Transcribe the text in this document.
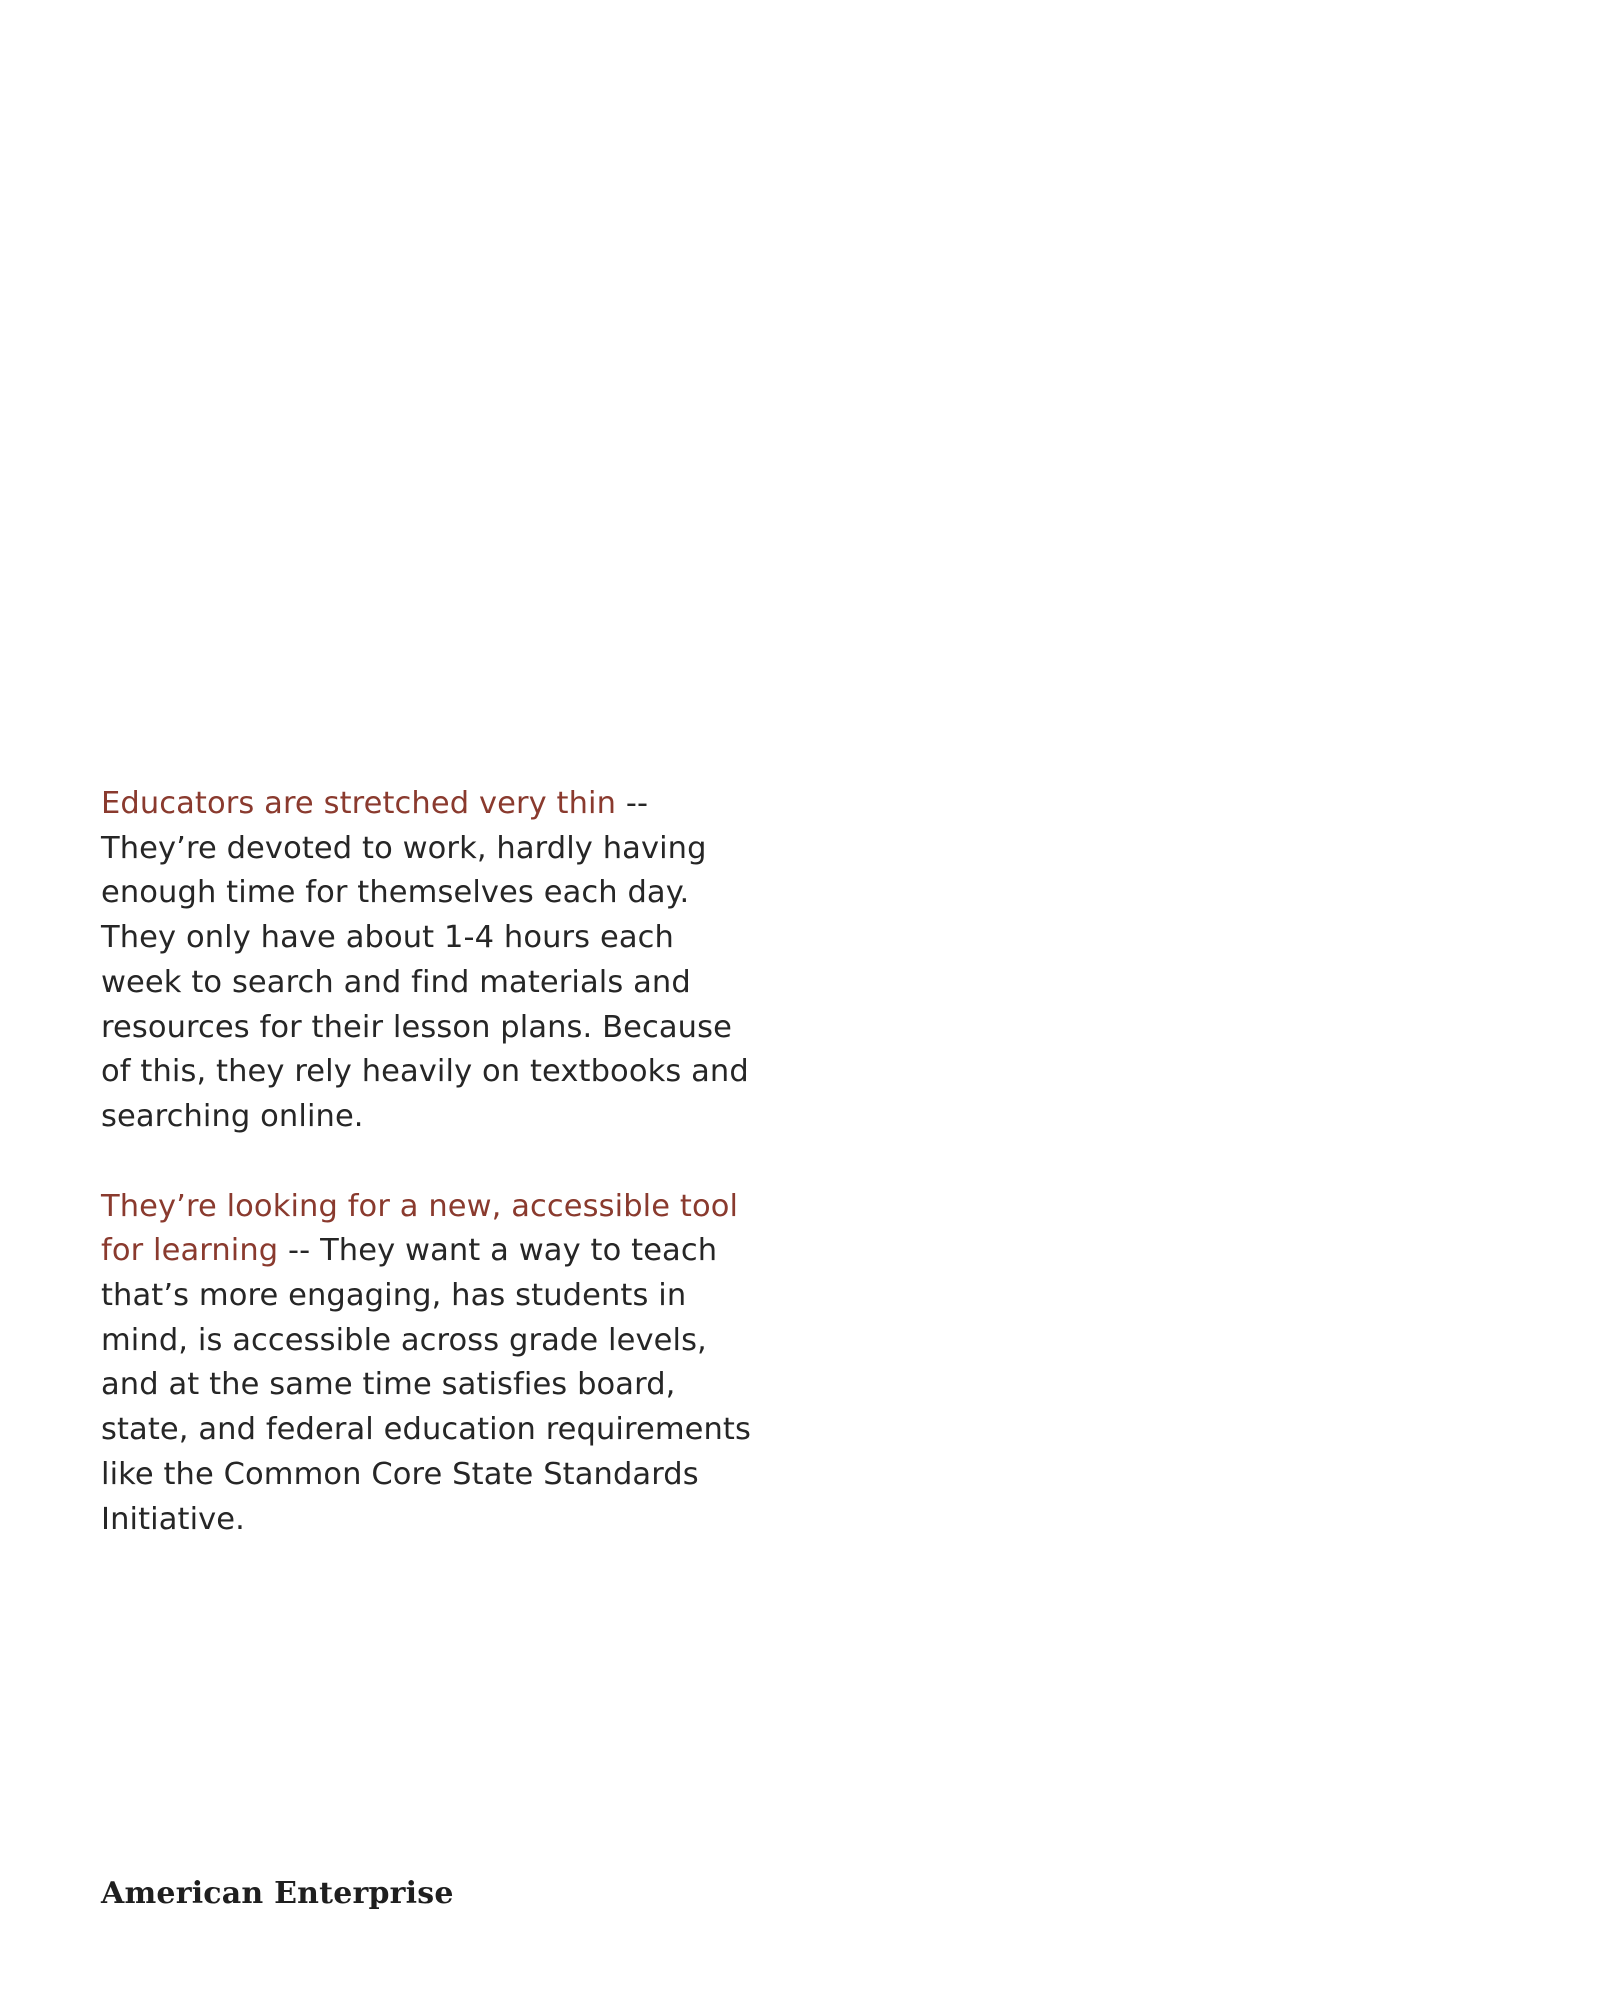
Educators are stretched very thin -- They’re devoted to work, hardly having enough time for themselves each day. They only have about 1-4 hours each week to search and find materials and resources for their lesson plans. Because of this, they rely heavily on textbooks and searching online.

They’re looking for a new, accessible tool for learning -- They want a way to teach that’s more engaging, has students in mind, is accessible across grade levels, and at the same time satisfies board, state, and federal education requirements like the Common Core State Standards Initiative.

American Enterprise
